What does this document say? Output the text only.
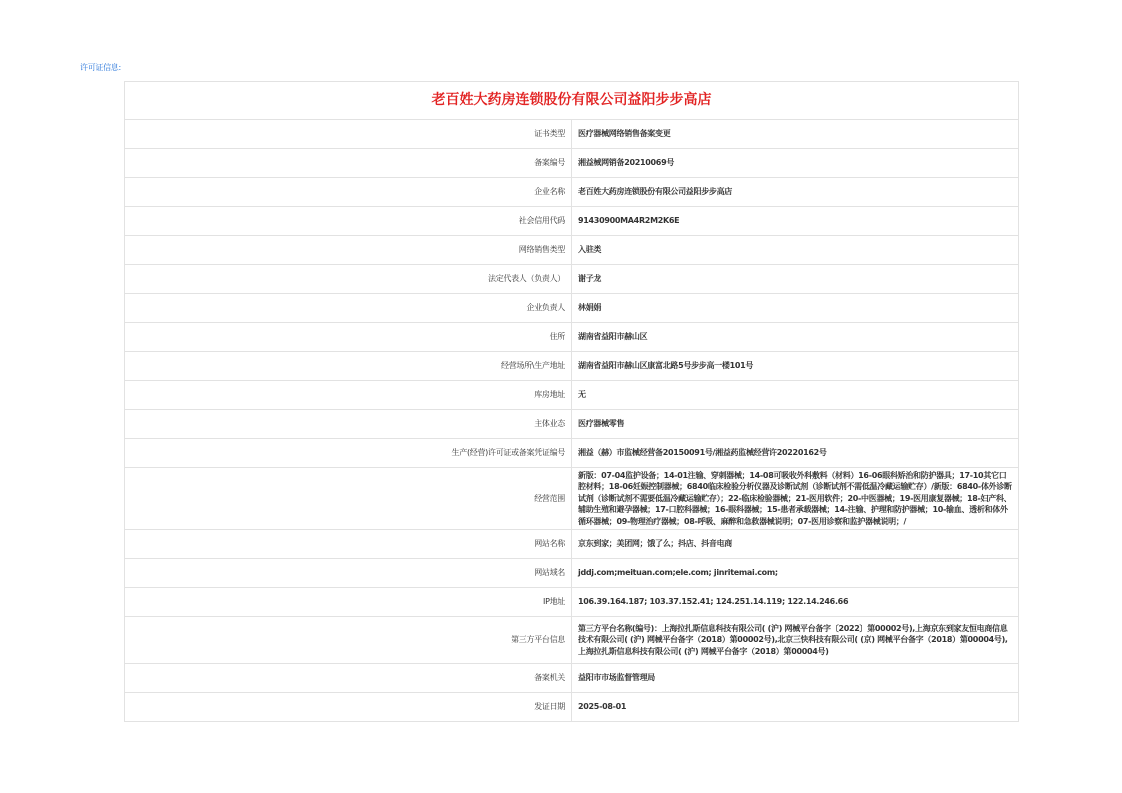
许可证信息:
老百姓大药房连锁股份有限公司益阳步步高店	
证书类型	医疗器械网络销售备案变更
备案编号	湘益械网销备20210069号
企业名称	老百姓大药房连锁股份有限公司益阳步步高店
社会信用代码	91430900MA4R2M2K6E
网络销售类型	入驻类
法定代表人（负责人）	谢子龙
企业负责人	林娟娟
住所	湖南省益阳市赫山区
经营场所\生产地址	湖南省益阳市赫山区康富北路5号步步高一楼101号
库房地址	无
主体业态	医疗器械零售
生产(经营)许可证或备案凭证编号	湘益（赫）市监械经营备20150091号/湘益药监械经营许20220162号
经营范围	新版：07-04监护设备；14-01注输、穿刺器械；14-08可吸收外科敷料（材料）16-06眼科矫治和防护器具；17-10其它口腔材料；18-06妊娠控制器械；6840临床检验分析仪器及诊断试剂（诊断试剂不需低温冷藏运输贮存）/新版：6840-体外诊断试剂（诊断试剂不需要低温冷藏运输贮存）；22-临床检验器械；21-医用软件；20-中医器械；19-医用康复器械；18-妇产科、辅助生殖和避孕器械；17-口腔科器械；16-眼科器械；15-患者承载器械；14-注输、护理和防护器械；10-输血、透析和体外循环器械；09-物理治疗器械；08-呼吸、麻醉和急救器械说明；07-医用诊察和监护器械说明；/
网站名称	京东到家；美团网；饿了么；抖店、抖音电商
网站域名	jddj.com;meituan.com;ele.com; jinritemai.com;
IP地址	106.39.164.187; 103.37.152.41; 124.251.14.119; 122.14.246.66
第三方平台信息	第三方平台名称(编号)：上海拉扎斯信息科技有限公司( (沪) 网械平台备字〔2022〕第00002号),上海京东到家友恒电商信息技术有限公司( (沪) 网械平台备字（2018）第00002号),北京三快科技有限公司( (京) 网械平台备字（2018）第00004号),上海拉扎斯信息科技有限公司( (沪) 网械平台备字（2018）第00004号)
备案机关	益阳市市场监督管理局
发证日期	2025-08-01
